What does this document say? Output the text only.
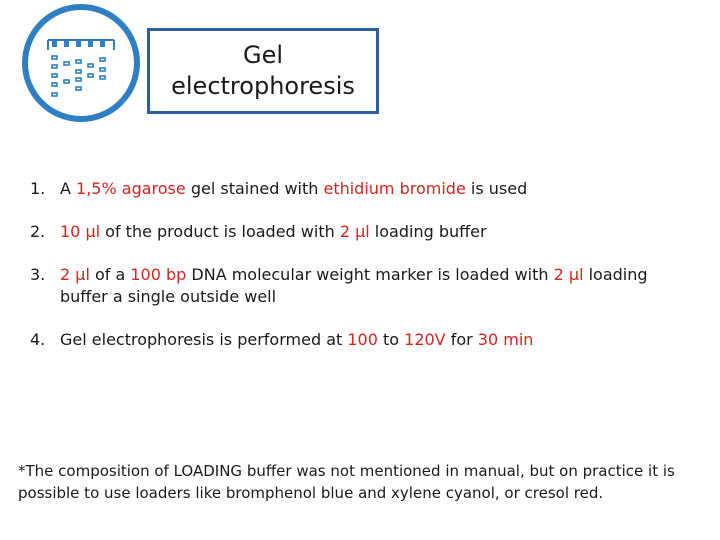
Gel
electrophoresis
1. A 1,5% agarose gel stained with ethidium bromide is used
2. 10 µl of the product is loaded with 2 µl loading buffer
3. 2 µl of a 100 bp DNA molecular weight marker is loaded with 2 µl loading buffer a single outside well
4. Gel electrophoresis is performed at 100 to 120V for 30 min
*The composition of LOADING buffer was not mentioned in manual, but on practice it is possible to use loaders like bromphenol blue and xylene cyanol, or cresol red.
